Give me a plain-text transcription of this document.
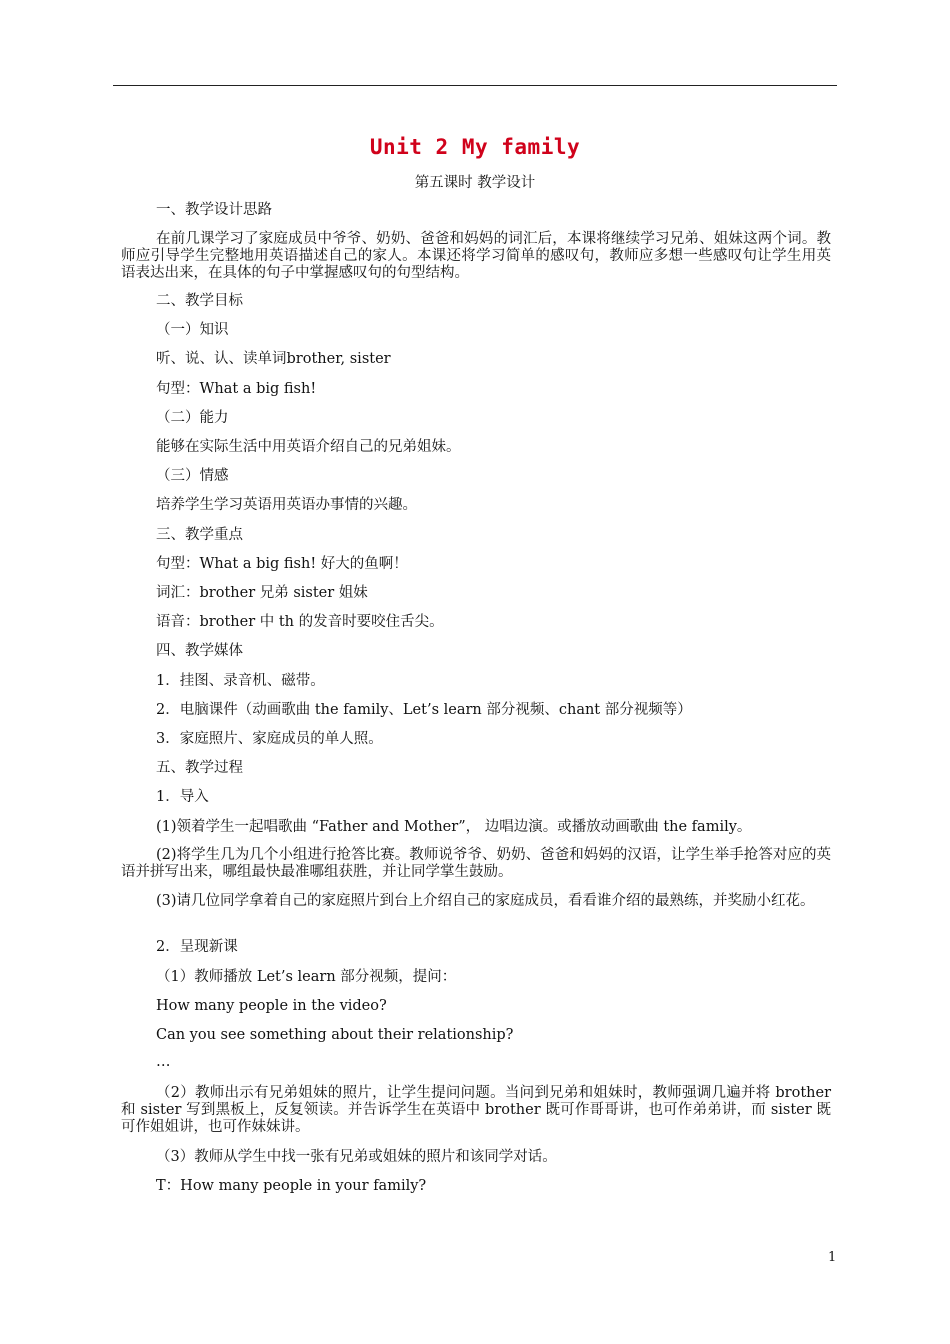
Unit 2 My family
第五课时 教学设计
一、教学设计思路
在前几课学习了家庭成员中爷爷、奶奶、爸爸和妈妈的词汇后，本课将继续学习兄弟、姐妹这两个词。教师应引导学生完整地用英语描述自己的家人。本课还将学习简单的感叹句，教师应多想一些感叹句让学生用英语表达出来，在具体的句子中掌握感叹句的句型结构。
二、教学目标
（一）知识
听、说、认、读单词brother, sister
句型：What a big fish!
（二）能力
能够在实际生活中用英语介绍自己的兄弟姐妹。
（三）情感
培养学生学习英语用英语办事情的兴趣。
三、教学重点
句型：What a big fish! 好大的鱼啊！
词汇：brother 兄弟 sister 姐妹
语音：brother 中 th 的发音时要咬住舌尖。
四、教学媒体
1．挂图、录音机、磁带。
2．电脑课件（动画歌曲 the family、Let’s learn 部分视频、chant 部分视频等）
3．家庭照片、家庭成员的单人照。
五、教学过程
1．导入
(1)领着学生一起唱歌曲 “Father and Mother”， 边唱边演。或播放动画歌曲 the family。
(2)将学生几为几个小组进行抢答比赛。教师说爷爷、奶奶、爸爸和妈妈的汉语，让学生举手抢答对应的英语并拼写出来，哪组最快最准哪组获胜，并让同学掌生鼓励。
(3)请几位同学拿着自己的家庭照片到台上介绍自己的家庭成员，看看谁介绍的最熟练，并奖励小红花。
2．呈现新课
（1）教师播放 Let’s learn 部分视频，提问：
How many people in the video?
Can you see something about their relationship?
…
（2）教师出示有兄弟姐妹的照片，让学生提问问题。当问到兄弟和姐妹时，教师强调几遍并将 brother 和 sister 写到黑板上，反复领读。并告诉学生在英语中 brother 既可作哥哥讲，也可作弟弟讲，而 sister 既可作姐姐讲，也可作妹妹讲。
（3）教师从学生中找一张有兄弟或姐妹的照片和该同学对话。
T：How many people in your family?
1
